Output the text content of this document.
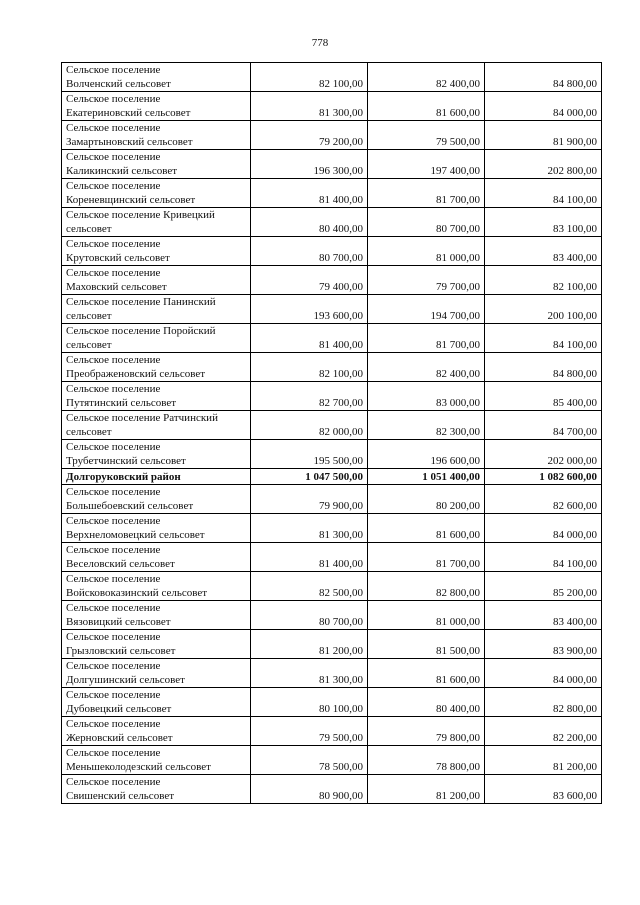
778
Сельское поселение
Волченский сельсовет	82 100,00	82 400,00	84 800,00

Сельское поселение
Екатериновский сельсовет	81 300,00	81 600,00	84 000,00

Сельское поселение
Замартыновский сельсовет	79 200,00	79 500,00	81 900,00

Сельское поселение
Каликинский сельсовет	196 300,00	197 400,00	202 800,00

Сельское поселение
Кореневщинский сельсовет	81 400,00	81 700,00	84 100,00

Сельское поселение Кривецкий
сельсовет	80 400,00	80 700,00	83 100,00

Сельское поселение
Крутовский сельсовет	80 700,00	81 000,00	83 400,00

Сельское поселение
Маховский сельсовет	79 400,00	79 700,00	82 100,00

Сельское поселение Панинский
сельсовет	193 600,00	194 700,00	200 100,00

Сельское поселение Поройский
сельсовет	81 400,00	81 700,00	84 100,00

Сельское поселение
Преображеновский сельсовет	82 100,00	82 400,00	84 800,00

Сельское поселение
Путятинский сельсовет	82 700,00	83 000,00	85 400,00

Сельское поселение Ратчинский
сельсовет	82 000,00	82 300,00	84 700,00

Сельское поселение
Трубетчинский сельсовет	195 500,00	196 600,00	202 000,00

Долгоруковский район	1 047 500,00	1 051 400,00	1 082 600,00

Сельское поселение
Большебоевский сельсовет	79 900,00	80 200,00	82 600,00

Сельское поселение
Верхнеломовецкий сельсовет	81 300,00	81 600,00	84 000,00

Сельское поселение
Веселовский сельсовет	81 400,00	81 700,00	84 100,00

Сельское поселение
Войсковоказинский сельсовет	82 500,00	82 800,00	85 200,00

Сельское поселение
Вязовицкий сельсовет	80 700,00	81 000,00	83 400,00

Сельское поселение
Грызловский сельсовет	81 200,00	81 500,00	83 900,00

Сельское поселение
Долгушинский сельсовет	81 300,00	81 600,00	84 000,00

Сельское поселение
Дубовецкий сельсовет	80 100,00	80 400,00	82 800,00

Сельское поселение
Жерновский сельсовет	79 500,00	79 800,00	82 200,00

Сельское поселение
Меньшеколодезский сельсовет	78 500,00	78 800,00	81 200,00

Сельское поселение
Свишенский сельсовет	80 900,00	81 200,00	83 600,00
